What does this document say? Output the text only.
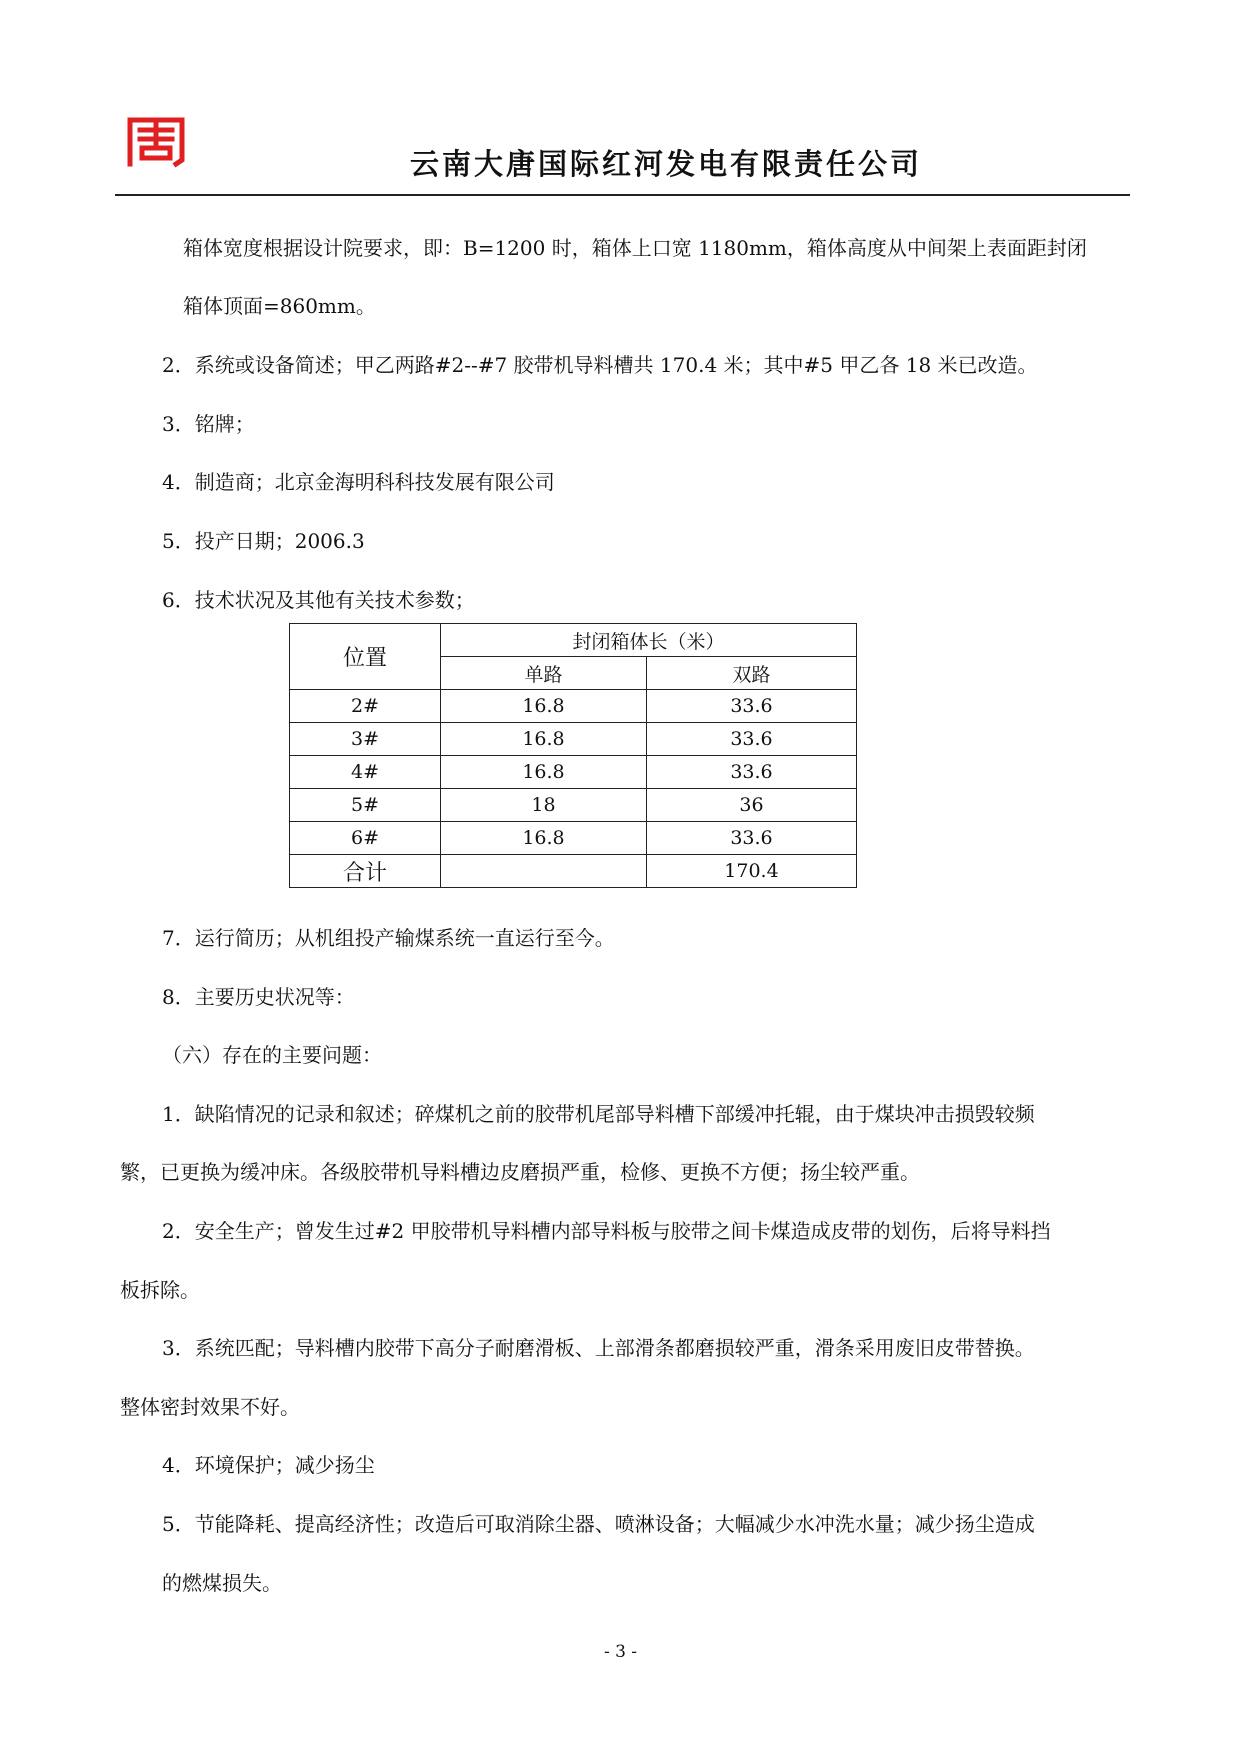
云南大唐国际红河发电有限责任公司
箱体宽度根据设计院要求，即：B=1200 时，箱体上口宽 1180mm，箱体高度从中间架上表面距封闭
箱体顶面=860mm。
2．系统或设备简述；甲乙两路#2--#7 胶带机导料槽共 170.4 米；其中#5 甲乙各 18 米已改造。
3．铭牌；
4．制造商；北京金海明科科技发展有限公司
5．投产日期；2006.3
6．技术状况及其他有关技术参数；
位置	封闭箱体长（米）	
	单路	双路
2#	16.8	33.6
3#	16.8	33.6
4#	16.8	33.6
5#	18	36
6#	16.8	33.6
合计		170.4
7．运行简历；从机组投产输煤系统一直运行至今。
8．主要历史状况等：
（六）存在的主要问题：
1．缺陷情况的记录和叙述；碎煤机之前的胶带机尾部导料槽下部缓冲托辊，由于煤块冲击损毁较频
繁，已更换为缓冲床。各级胶带机导料槽边皮磨损严重，检修、更换不方便；扬尘较严重。
2．安全生产；曾发生过#2 甲胶带机导料槽内部导料板与胶带之间卡煤造成皮带的划伤，后将导料挡
板拆除。
3．系统匹配；导料槽内胶带下高分子耐磨滑板、上部滑条都磨损较严重，滑条采用废旧皮带替换。
整体密封效果不好。
4．环境保护；减少扬尘
5．节能降耗、提高经济性；改造后可取消除尘器、喷淋设备；大幅减少水冲洗水量；减少扬尘造成
的燃煤损失。
- 3 -
